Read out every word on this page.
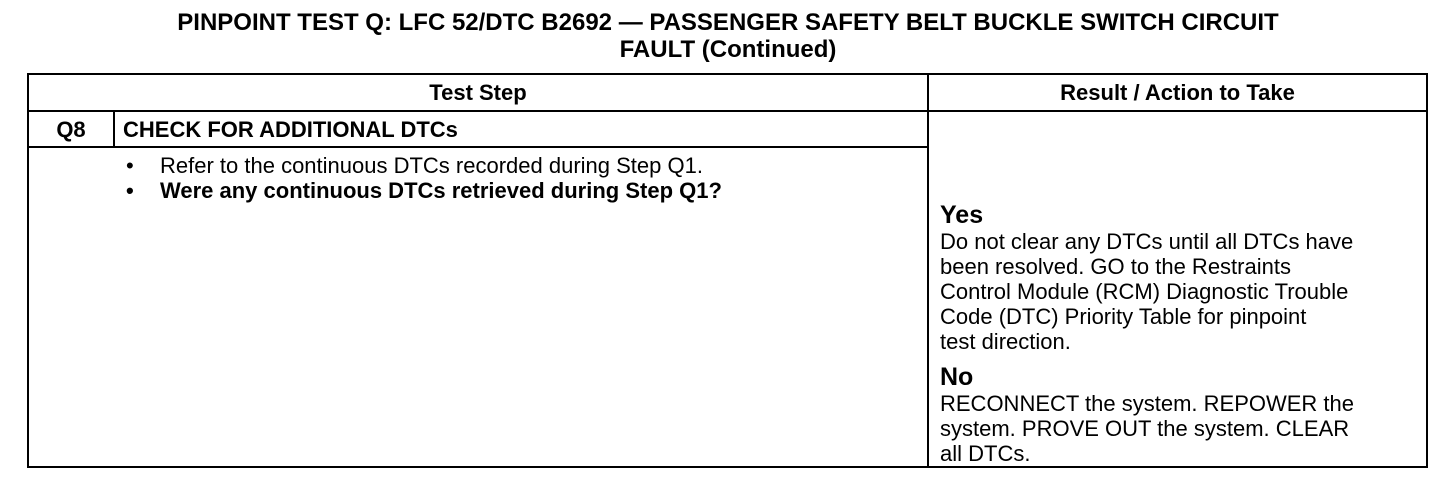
PINPOINT TEST Q: LFC 52/DTC B2692 — PASSENGER SAFETY BELT BUCKLE SWITCH CIRCUIT
FAULT (Continued)
Test Step	Result / Action to Take
Q8	CHECK FOR ADDITIONAL DTCs
• Refer to the continuous DTCs recorded during Step Q1.
• Were any continuous DTCs retrieved during Step Q1?
Yes
Do not clear any DTCs until all DTCs have
been resolved. GO to the Restraints
Control Module (RCM) Diagnostic Trouble
Code (DTC) Priority Table for pinpoint
test direction.
No
RECONNECT the system. REPOWER the
system. PROVE OUT the system. CLEAR
all DTCs.
